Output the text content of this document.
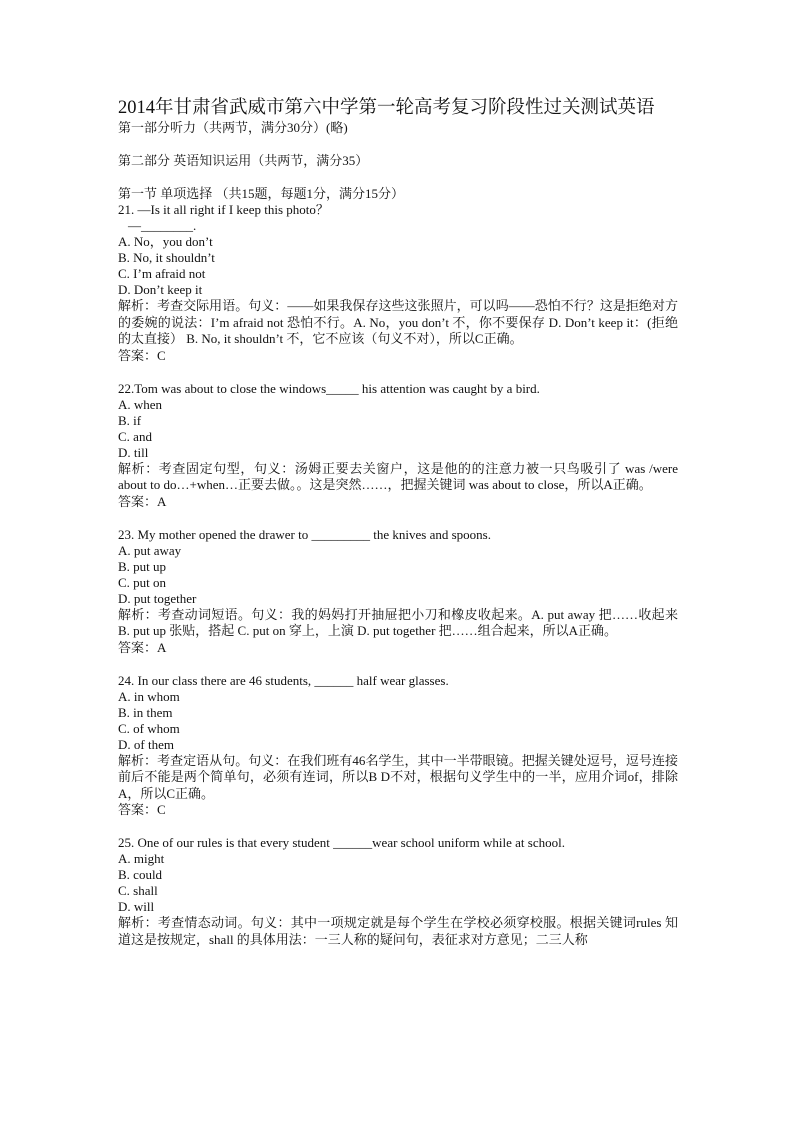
2014年甘肃省武威市第六中学第一轮高考复习阶段性过关测试英语

第一部分听力（共两节，满分30分）(略)

第二部分 英语知识运用（共两节，满分35）

第一节 单项选择 （共15题，每题1分，满分15分）

21. —Is it all right if I keep this photo？

—________.

A. No，you don’t

B. No, it shouldn’t

C. I’m afraid not

D. Don’t keep it

解析：考查交际用语。句义：——如果我保存这些这张照片，可以吗——恐怕不行？这是拒绝对方的委婉的说法：I’m afraid not 恐怕不行。A. No，you don’t 不，你不要保存 D. Don’t keep it：(拒绝的太直接） B. No, it shouldn’t 不，它不应该（句义不对），所以C正确。

答案：C

22.Tom was about to close the windows_____ his attention was caught by a bird.

A. when

B. if

C. and

D. till

解析：考查固定句型，句义：汤姆正要去关窗户，这是他的的注意力被一只鸟吸引了 was /were about to do…+when…正要去做。。这是突然……，把握关键词 was about to close，所以A正确。

答案：A

23. My mother opened the drawer to _________ the knives and spoons.

A. put away

B. put up

C. put on

D. put together

解析：考查动词短语。句义：我的妈妈打开抽屉把小刀和橡皮收起来。A. put away 把……收起来 B. put up 张贴，搭起 C. put on 穿上，上演 D. put together 把……组合起来，所以A正确。

答案：A

24. In our class there are 46 students, ______ half wear glasses.

A. in whom

B. in them

C. of whom

D. of them

解析：考查定语从句。句义：在我们班有46名学生，其中一半带眼镜。把握关键处逗号，逗号连接前后不能是两个简单句，必须有连词，所以B D不对，根据句义学生中的一半，应用介词of，排除A，所以C正确。

答案：C

25. One of our rules is that every student ______wear school uniform while at school.

A. might

B. could

C. shall

D. will

解析：考查情态动词。句义：其中一项规定就是每个学生在学校必须穿校服。根据关键词rules 知道这是按规定，shall 的具体用法：一三人称的疑问句，表征求对方意见；二三人称
